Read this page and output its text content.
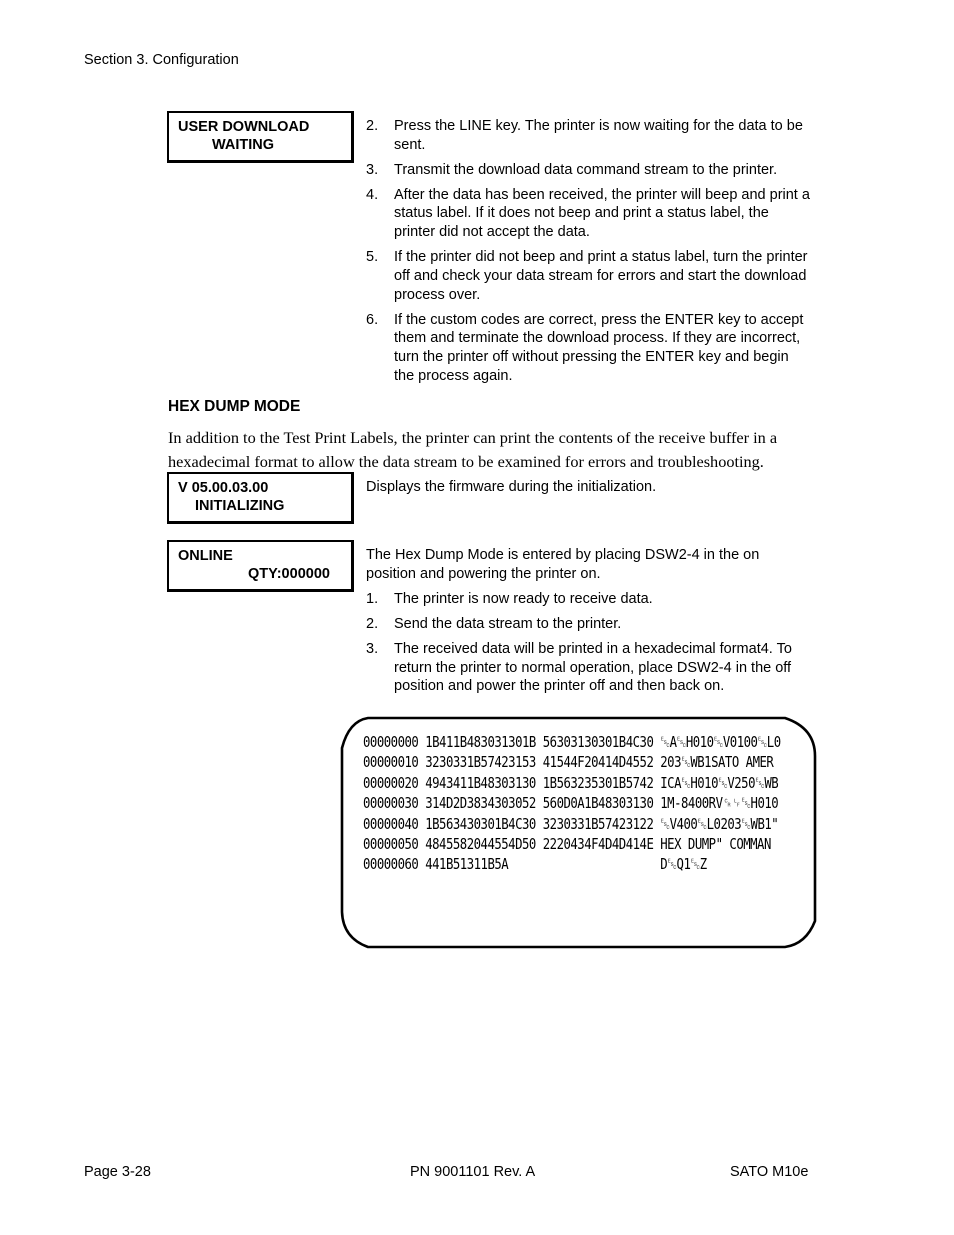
Section 3. Configuration
USER DOWNLOAD
WAITING
2. Press the LINE key. The printer is now waiting for the data to be sent.
3. Transmit the download data command stream to the printer.
4. After the data has been received, the printer will beep and print a status label. If it does not beep and print a status label, the printer did not accept the data.
5. If the printer did not beep and print a status label, turn the printer off and check your data stream for errors and start the download process over.
6. If the custom codes are correct, press the ENTER key to accept them and terminate the download process. If they are incorrect, turn the printer off without pressing the ENTER key and begin the process again.
HEX DUMP MODE
In addition to the Test Print Labels, the printer can print the contents of the receive buffer in a hexadecimal format to allow the data stream to be examined for errors and troubleshooting.
V 05.00.03.00
INITIALIZING
Displays the firmware during the initialization.
ONLINE
QTY:000000
The Hex Dump Mode is entered by placing DSW2-4 in the on position and powering the printer on.
1. The printer is now ready to receive data.
2. Send the data stream to the printer.
3. The received data will be printed in a hexadecimal format4. To return the printer to normal operation, place DSW2-4 in the off position and power the printer off and then back on.
00000000 1B411B483031301B 56303130301B4C30 ␛A␛H010␛V0100␛L0
00000010 3230331B57423153 41544F20414D4552 203␛WB1SATO AMER
00000020 4943411B48303130 1B563235301B5742 ICA␛H010␛V250␛WB
00000030 314D2D3834303052 560D0A1B48303130 1M-8400RV␍␊␛H010
00000040 1B563430301B4C30 3230331B57423122 ␛V400␛L0203␛WB1"
00000050 4845582044554D50 2220434F4D4D414E HEX DUMP" COMMAN
00000060 441B51311B5A                      D␛Q1␛Z
Page 3-28	PN 9001101 Rev. A	SATO M10e
